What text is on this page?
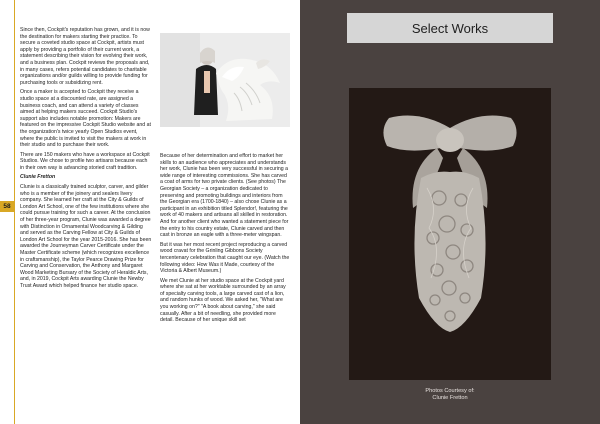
58

Since then, Cockpit's reputation has grown, and it is now the destination for makers starting their practice. To secure a coveted studio space at Cockpit, artists must apply by providing a portfolio of their current work, a statement describing their vision for evolving their work, and a business plan. Cockpit reviews the proposals and, in many cases, refers potential candidates to charitable organizations and/or guilds willing to provide funding for purchasing tools or subsidizing rent.

Once a maker is accepted to Cockpit they receive a studio space at a discounted rate, are assigned a business coach, and can attend a variety of classes aimed at helping makers succeed. Cockpit Studio's support also includes notable promotion: Makers are featured on the impressive Cockpit Studio website and at the organization's twice yearly Open Studios event, where the public is invited to visit the makers at work in their studio and to purchase their work.

There are 150 makers who have a workspace at Cockpit Studios. We chose to profile two artisans because each in their own way is advancing storied craft tradition.

Clunie Fretton

Clunie is a classically trained sculptor, carver, and gilder who is a member of the joinery and sealers livery company. She learned her craft at the City & Guilds of London Art School, one of the few institutions where she could pursue training for such a career. At the conclusion of her three-year program, Clunie was awarded a degree with Distinction in Ornamental Woodcarving & Gilding and served as the Carving Fellow at City & Guilds of London Art School for the year 2015-2016. She has been awarded the Journeyman Carver Certificate under the Master Certificate scheme (which recognizes excellence in craftsmanship), the Taylor Pearce Drawing Prize for Carving and Conservation, the Anthony and Margaret Wood Marketing Bursary of the Society of Heraldic Arts, and, in 2019, Cockpit Arts awarding Clunie the Newby Trust Award which helped finance her studio space.

Because of her determination and effort to market her skills to an audience who appreciates and understands her work, Clunie has been very successful in securing a wide range of interesting commissions. She has carved a coat of arms for two private clients. (See photos) The Georgian Society – a organization dedicated to preserving and promoting buildings and interiors from the Georgian era (1700-1840) – also chose Clunie as a participant in an exhibition titled Splendor!, featuring the work of 40 makers and artisans all skilled in restoration. And for another client who wanted a statement piece for the entry to his country estate, Clunie carved and then cast in bronze an eagle with a three-meter wingspan.

But it was her most recent project reproducing a carved wood cravat for the Grinling Gibbons Society tercentenary celebration that caught our eye. (Watch the following video: How Was it Made, courtesy of the Victoria & Albert Museum.)

We met Clunie at her studio space at the Cockpit yard where she sat at her worktable surrounded by an array of specialty carving tools, a large carved cast of a lion, and random hunks of wood. We asked her, "What are you working on?" "A book about carving," she said casually. After a bit of needling, she provided more detail. Because of her unique skill set

Select Works
Photos Courtesy of:
Clunie Fretton
